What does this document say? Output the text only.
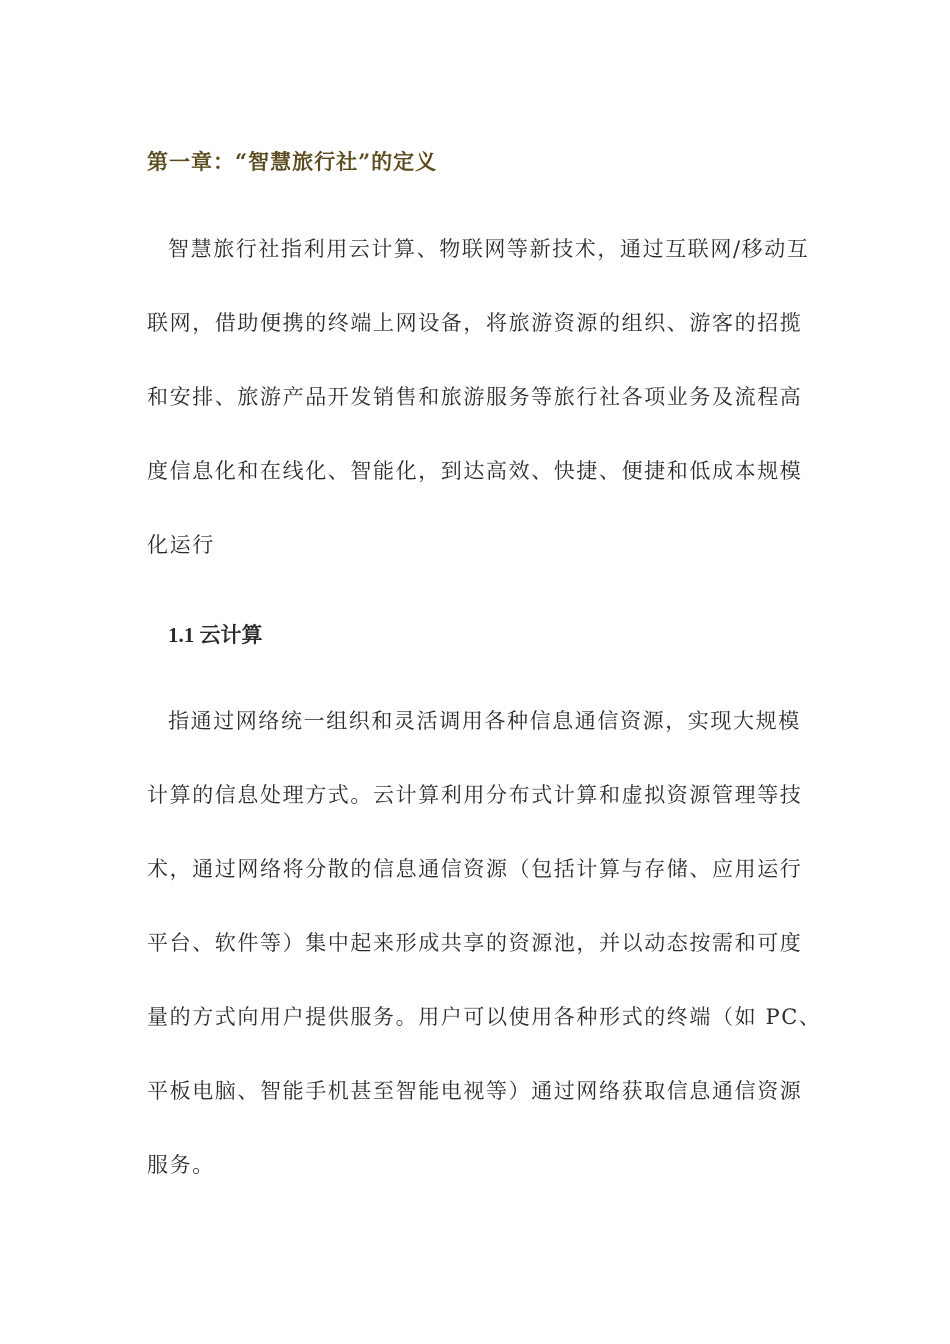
第一章：“智慧旅行社”的定义
智慧旅行社指利用云计算、物联网等新技术，通过互联网/移动互
联网，借助便携的终端上网设备，将旅游资源的组织、游客的招揽
和安排、旅游产品开发销售和旅游服务等旅行社各项业务及流程高
度信息化和在线化、智能化，到达高效、快捷、便捷和低成本规模
化运行
1.1 云计算
指通过网络统一组织和灵活调用各种信息通信资源，实现大规模
计算的信息处理方式。云计算利用分布式计算和虚拟资源管理等技
术，通过网络将分散的信息通信资源（包括计算与存储、应用运行
平台、软件等）集中起来形成共享的资源池，并以动态按需和可度
量的方式向用户提供服务。用户可以使用各种形式的终端（如 PC、
平板电脑、智能手机甚至智能电视等）通过网络获取信息通信资源
服务。
